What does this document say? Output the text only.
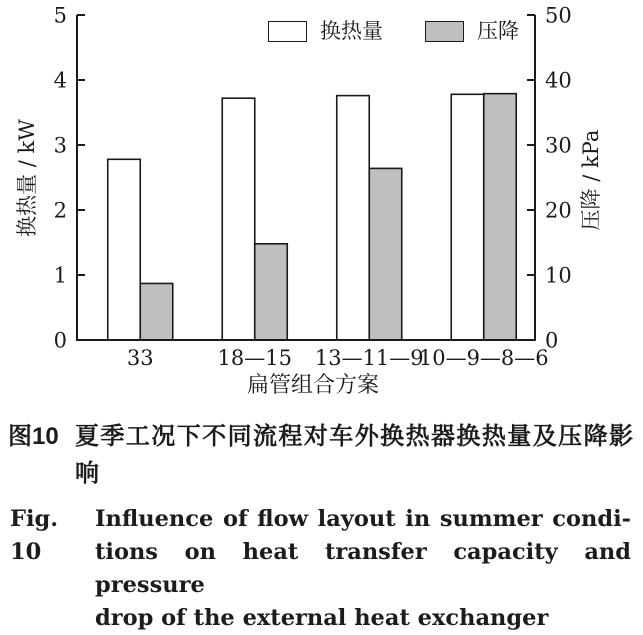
33	18—15 13—11—9
10—9—8—6
0
1
2
3
4
5
0
10
20
30
40
50
换热量 / kW	压降 / kPa
扁管组合方案
换热量	压降
图10 夏季工况下不同流程对车外换热器换热量及压降影
响
Fig. 10
Influence of flow layout in summer condi-
tions on heat transfer capacity and pressure
drop of the external heat exchanger
